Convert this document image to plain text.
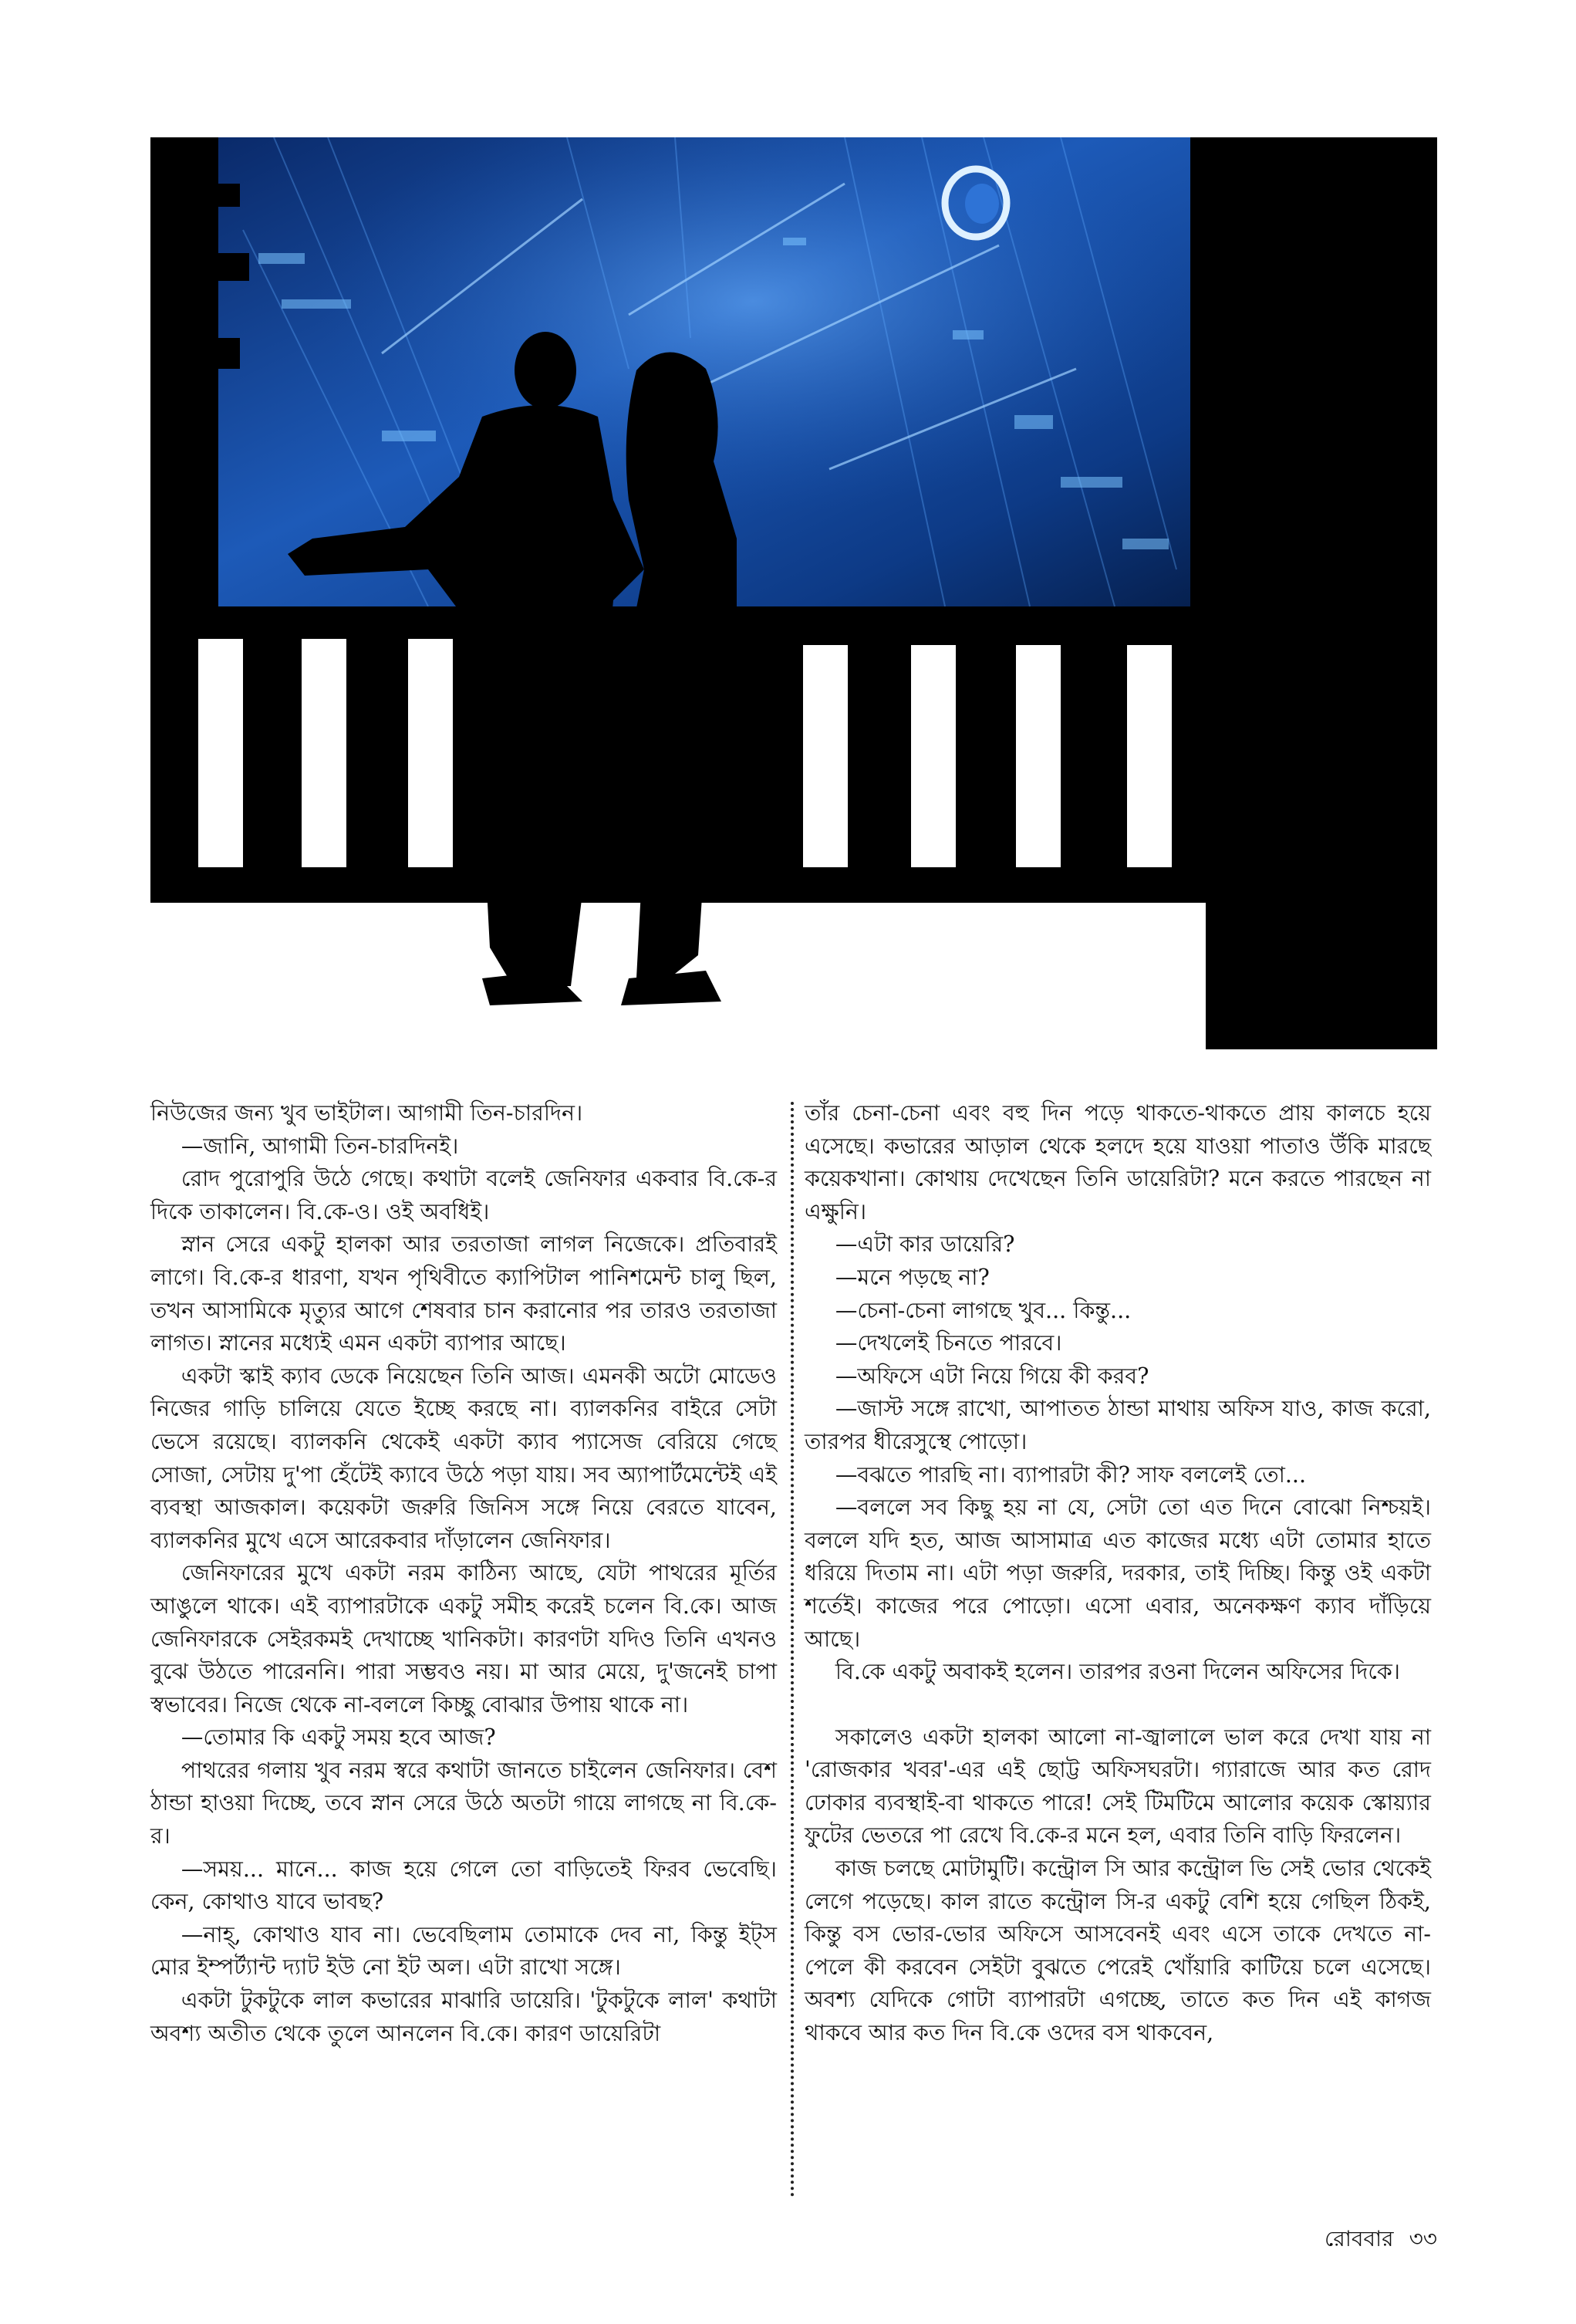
নিউজের জন্য খুব ভাইটাল। আগামী তিন-চারদিন।

—জানি, আগামী তিন-চারদিনই।

রোদ পুরোপুরি উঠে গেছে। কথাটা বলেই জেনিফার একবার বি.কে-র দিকে তাকালেন। বি.কে-ও। ওই অবধিই।

স্নান সেরে একটু হালকা আর তরতাজা লাগল নিজেকে। প্রতিবারই লাগে। বি.কে-র ধারণা, যখন পৃথিবীতে ক্যাপিটাল পানিশমেন্ট চালু ছিল, তখন আসামিকে মৃত্যুর আগে শেষবার চান করানোর পর তারও তরতাজা লাগত। স্নানের মধ্যেই এমন একটা ব্যাপার আছে।

একটা স্কাই ক্যাব ডেকে নিয়েছেন তিনি আজ। এমনকী অটো মোডেও নিজের গাড়ি চালিয়ে যেতে ইচ্ছে করছে না। ব্যালকনির বাইরে সেটা ভেসে রয়েছে। ব্যালকনি থেকেই একটা ক্যাব প্যাসেজ বেরিয়ে গেছে সোজা, সেটায় দু'পা হেঁটেই ক্যাবে উঠে পড়া যায়। সব অ্যাপার্টমেন্টেই এই ব্যবস্থা আজকাল। কয়েকটা জরুরি জিনিস সঙ্গে নিয়ে বেরতে যাবেন, ব্যালকনির মুখে এসে আরেকবার দাঁড়ালেন জেনিফার।

জেনিফারের মুখে একটা নরম কাঠিন্য আছে, যেটা পাথরের মূর্তির আঙুলে থাকে। এই ব্যাপারটাকে একটু সমীহ করেই চলেন বি.কে। আজ জেনিফারকে সেইরকমই দেখাচ্ছে খানিকটা। কারণটা যদিও তিনি এখনও বুঝে উঠতে পারেননি। পারা সম্ভবও নয়। মা আর মেয়ে, দু'জনেই চাপা স্বভাবের। নিজে থেকে না-বললে কিচ্ছু বোঝার উপায় থাকে না।

—তোমার কি একটু সময় হবে আজ?

পাথরের গলায় খুব নরম স্বরে কথাটা জানতে চাইলেন জেনিফার। বেশ ঠান্ডা হাওয়া দিচ্ছে, তবে স্নান সেরে উঠে অতটা গায়ে লাগছে না বি.কে-র।

—সময়... মানে... কাজ হয়ে গেলে তো বাড়িতেই ফিরব ভেবেছি। কেন, কোথাও যাবে ভাবছ?

—নাহ্, কোথাও যাব না। ভেবেছিলাম তোমাকে দেব না, কিন্তু ইট্‌স মোর ইম্পর্ট্যান্ট দ্যাট ইউ নো ইট অল। এটা রাখো সঙ্গে।

একটা টুকটুকে লাল কভারের মাঝারি ডায়েরি। 'টুকটুকে লাল' কথাটা অবশ্য অতীত থেকে তুলে আনলেন বি.কে। কারণ ডায়েরিটা

তাঁর চেনা-চেনা এবং বহু দিন পড়ে থাকতে-থাকতে প্রায় কালচে হয়ে এসেছে। কভারের আড়াল থেকে হলদে হয়ে যাওয়া পাতাও উঁকি মারছে কয়েকখানা। কোথায় দেখেছেন তিনি ডায়েরিটা? মনে করতে পারছেন না এক্ষুনি।

—এটা কার ডায়েরি?

—মনে পড়ছে না?

—চেনা-চেনা লাগছে খুব... কিন্তু...

—দেখলেই চিনতে পারবে।

—অফিসে এটা নিয়ে গিয়ে কী করব?

—জাস্ট সঙ্গে রাখো, আপাতত ঠান্ডা মাথায় অফিস যাও, কাজ করো, তারপর ধীরেসুস্থে পোড়ো।

—বঝতে পারছি না। ব্যাপারটা কী? সাফ বললেই তো...

—বললে সব কিছু হয় না যে, সেটা তো এত দিনে বোঝো নিশ্চয়ই। বললে যদি হত, আজ আসামাত্র এত কাজের মধ্যে এটা তোমার হাতে ধরিয়ে দিতাম না। এটা পড়া জরুরি, দরকার, তাই দিচ্ছি। কিন্তু ওই একটা শর্তেই। কাজের পরে পোড়ো। এসো এবার, অনেকক্ষণ ক্যাব দাঁড়িয়ে আছে।

বি.কে একটু অবাকই হলেন। তারপর রওনা দিলেন অফিসের দিকে।

সকালেও একটা হালকা আলো না-জ্বালালে ভাল করে দেখা যায় না 'রোজকার খবর'-এর এই ছোট্ট অফিসঘরটা। গ্যারাজে আর কত রোদ ঢোকার ব্যবস্থাই-বা থাকতে পারে! সেই টিমটিমে আলোর কয়েক স্কোয়্যার ফুটের ভেতরে পা রেখে বি.কে-র মনে হল, এবার তিনি বাড়ি ফিরলেন।

কাজ চলছে মোটামুটি। কন্ট্রোল সি আর কন্ট্রোল ভি সেই ভোর থেকেই লেগে পড়েছে। কাল রাতে কন্ট্রোল সি-র একটু বেশি হয়ে গেছিল ঠিকই, কিন্তু বস ভোর-ভোর অফিসে আসবেনই এবং এসে তাকে দেখতে না-পেলে কী করবেন সেইটা বুঝতে পেরেই খোঁয়ারি কাটিয়ে চলে এসেছে। অবশ্য যেদিকে গোটা ব্যাপারটা এগচ্ছে, তাতে কত দিন এই কাগজ থাকবে আর কত দিন বি.কে ওদের বস থাকবেন,

রোববার ৩৩
